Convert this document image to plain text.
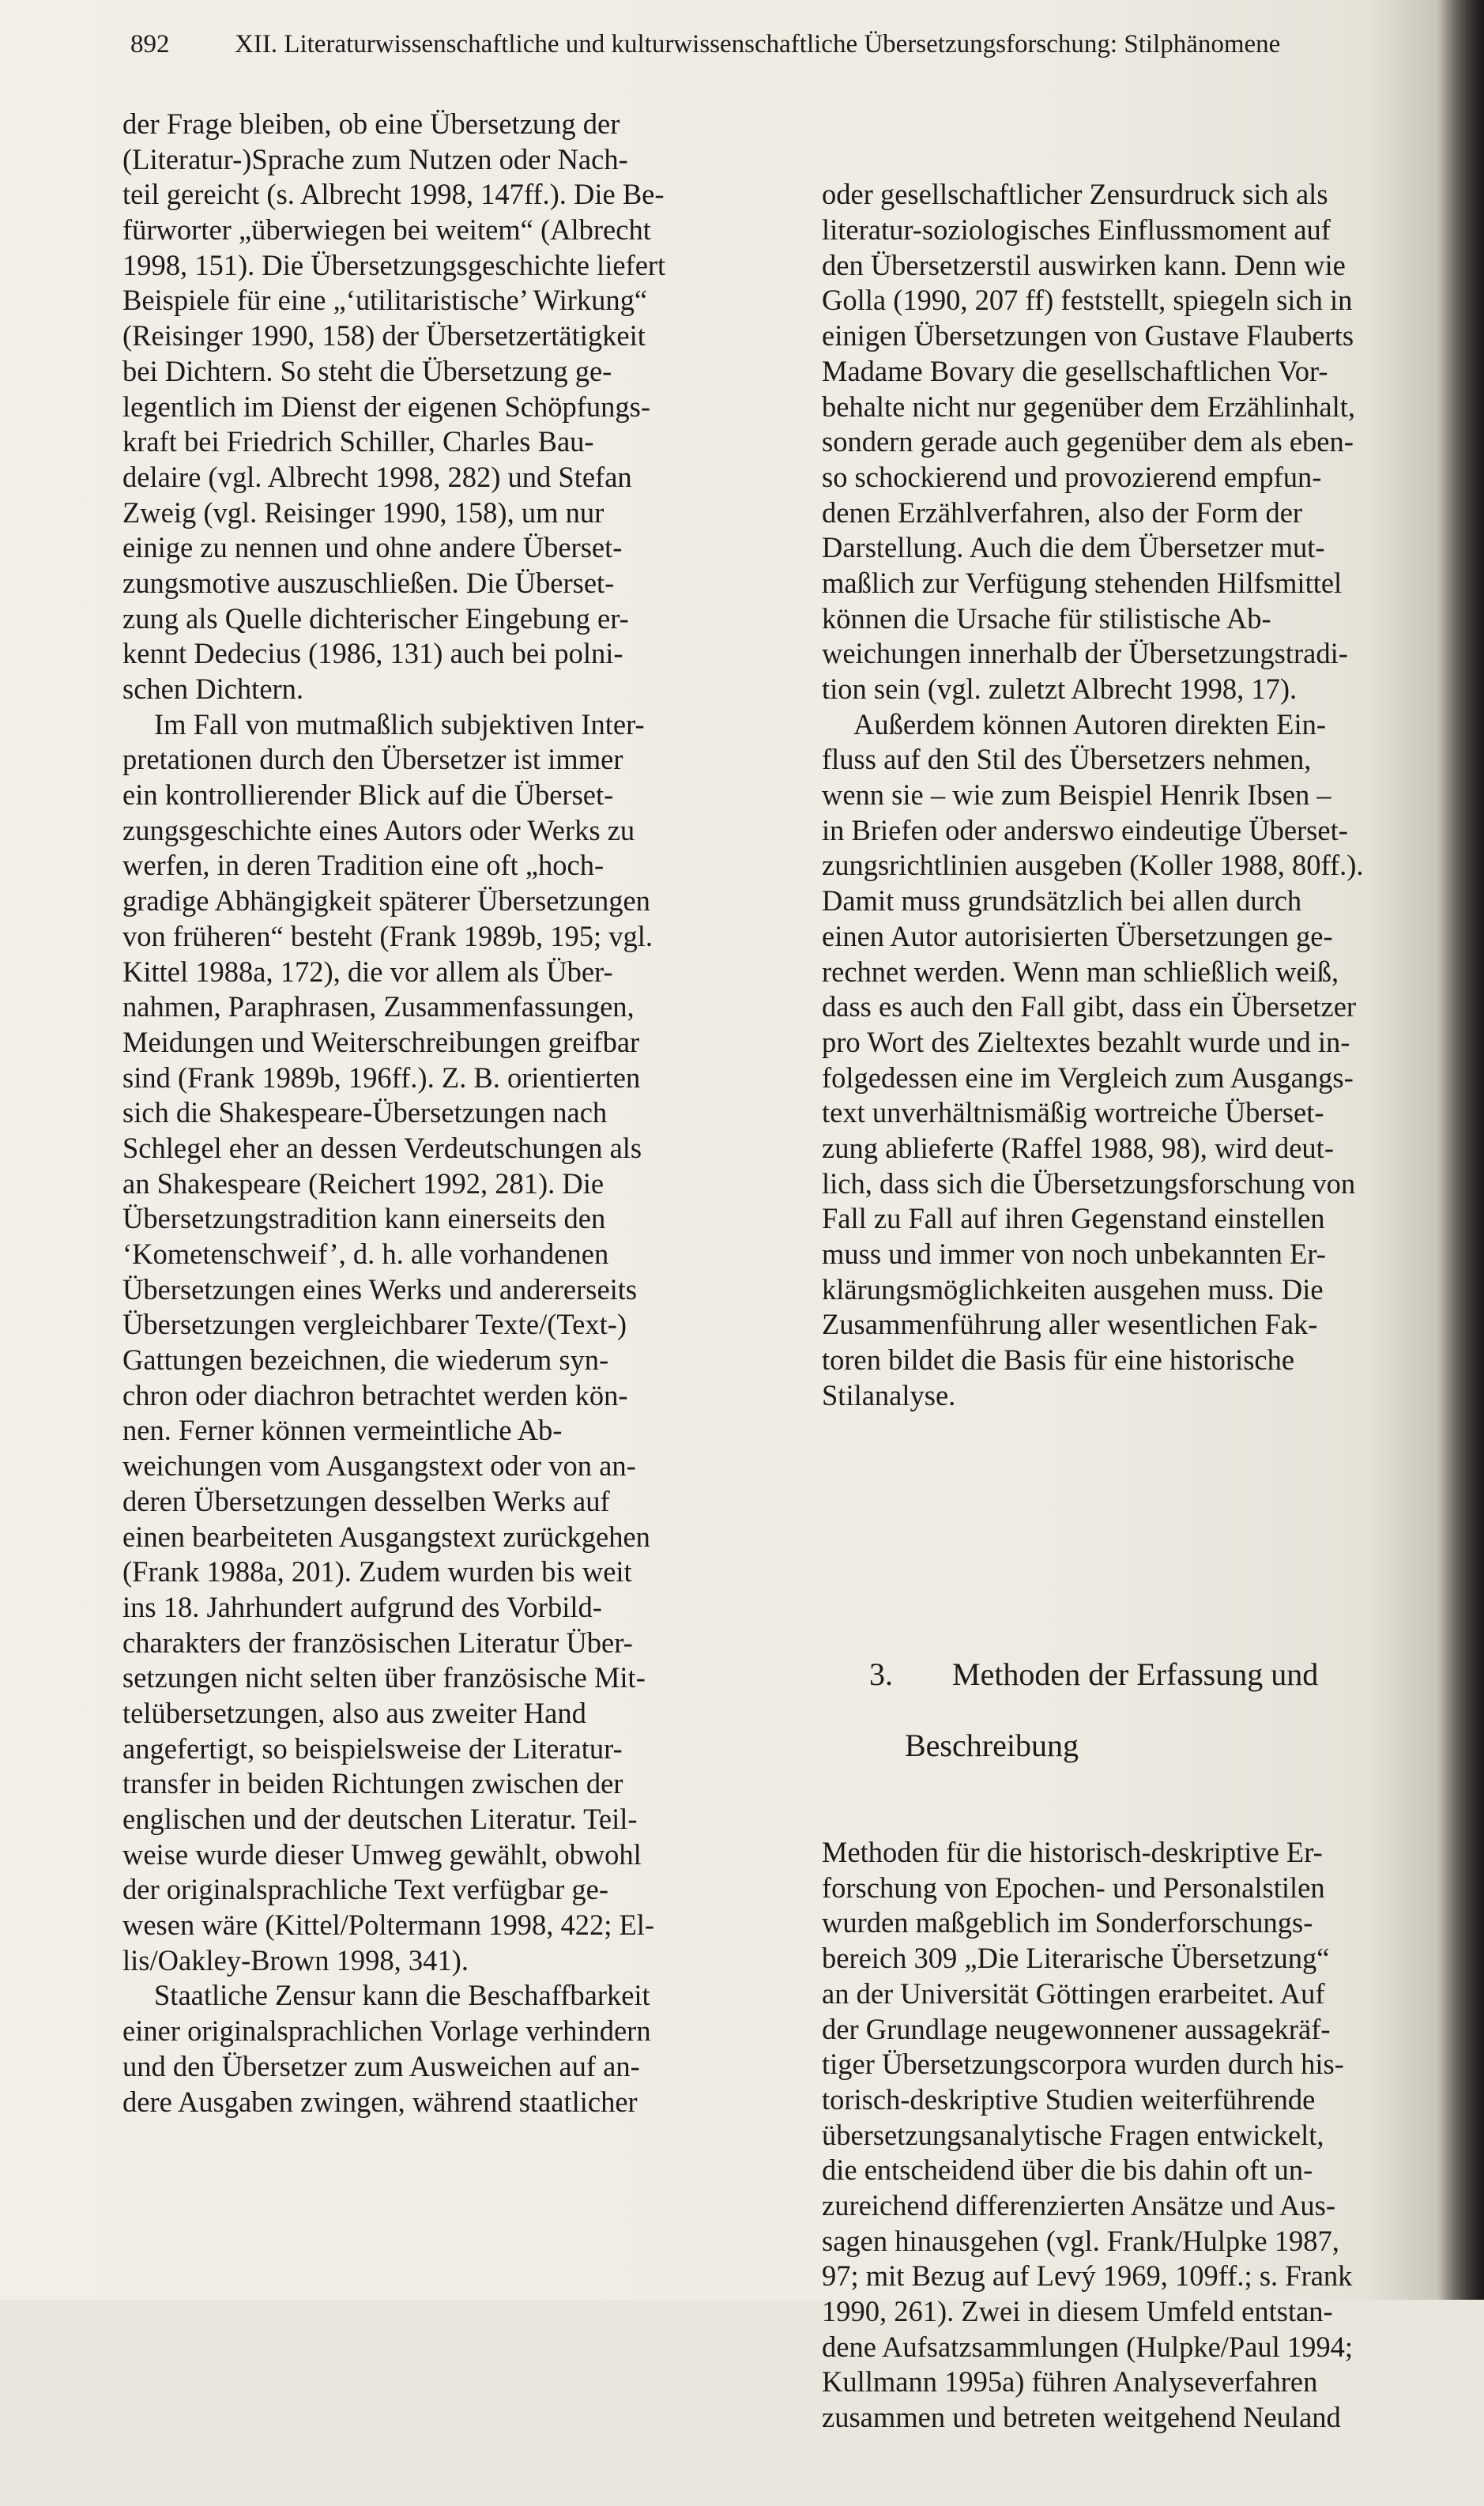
892	XII. Literaturwissenschaftliche und kulturwissenschaftliche Übersetzungsforschung: Stilphänomene
der Frage bleiben, ob eine Übersetzung der
(Literatur-)Sprache zum Nutzen oder Nach-
teil gereicht (s. Albrecht 1998, 147ff.). Die Be-
fürworter „überwiegen bei weitem“ (Albrecht
1998, 151). Die Übersetzungsgeschichte liefert
Beispiele für eine „‘utilitaristische’ Wirkung“
(Reisinger 1990, 158) der Übersetzertätigkeit
bei Dichtern. So steht die Übersetzung ge-
legentlich im Dienst der eigenen Schöpfungs-
kraft bei Friedrich Schiller, Charles Bau-
delaire (vgl. Albrecht 1998, 282) und Stefan
Zweig (vgl. Reisinger 1990, 158), um nur
einige zu nennen und ohne andere Überset-
zungsmotive auszuschließen. Die Überset-
zung als Quelle dichterischer Eingebung er-
kennt Dedecius (1986, 131) auch bei polni-
schen Dichtern.
Im Fall von mutmaßlich subjektiven Inter-
pretationen durch den Übersetzer ist immer
ein kontrollierender Blick auf die Überset-
zungsgeschichte eines Autors oder Werks zu
werfen, in deren Tradition eine oft „hoch-
gradige Abhängigkeit späterer Übersetzungen
von früheren“ besteht (Frank 1989b, 195; vgl.
Kittel 1988a, 172), die vor allem als Über-
nahmen, Paraphrasen, Zusammenfassungen,
Meidungen und Weiterschreibungen greifbar
sind (Frank 1989b, 196ff.). Z. B. orientierten
sich die Shakespeare-Übersetzungen nach
Schlegel eher an dessen Verdeutschungen als
an Shakespeare (Reichert 1992, 281). Die
Übersetzungstradition kann einerseits den
‘Kometenschweif’, d. h. alle vorhandenen
Übersetzungen eines Werks und andererseits
Übersetzungen vergleichbarer Texte/(Text-)
Gattungen bezeichnen, die wiederum syn-
chron oder diachron betrachtet werden kön-
nen. Ferner können vermeintliche Ab-
weichungen vom Ausgangstext oder von an-
deren Übersetzungen desselben Werks auf
einen bearbeiteten Ausgangstext zurückgehen
(Frank 1988a, 201). Zudem wurden bis weit
ins 18. Jahrhundert aufgrund des Vorbild-
charakters der französischen Literatur Über-
setzungen nicht selten über französische Mit-
telübersetzungen, also aus zweiter Hand
angefertigt, so beispielsweise der Literatur-
transfer in beiden Richtungen zwischen der
englischen und der deutschen Literatur. Teil-
weise wurde dieser Umweg gewählt, obwohl
der originalsprachliche Text verfügbar ge-
wesen wäre (Kittel/Poltermann 1998, 422; El-
lis/Oakley-Brown 1998, 341).
Staatliche Zensur kann die Beschaffbarkeit
einer originalsprachlichen Vorlage verhindern
und den Übersetzer zum Ausweichen auf an-
dere Ausgaben zwingen, während staatlicher

oder gesellschaftlicher Zensurdruck sich als
literatur-soziologisches Einflussmoment auf
den Übersetzerstil auswirken kann. Denn wie
Golla (1990, 207 ff) feststellt, spiegeln sich in
einigen Übersetzungen von Gustave Flauberts
Madame Bovary die gesellschaftlichen Vor-
behalte nicht nur gegenüber dem Erzählinhalt,
sondern gerade auch gegenüber dem als eben-
so schockierend und provozierend empfun-
denen Erzählverfahren, also der Form der
Darstellung. Auch die dem Übersetzer mut-
maßlich zur Verfügung stehenden Hilfsmittel
können die Ursache für stilistische Ab-
weichungen innerhalb der Übersetzungstradi-
tion sein (vgl. zuletzt Albrecht 1998, 17).
Außerdem können Autoren direkten Ein-
fluss auf den Stil des Übersetzers nehmen,
wenn sie – wie zum Beispiel Henrik Ibsen –
in Briefen oder anderswo eindeutige Überset-
zungsrichtlinien ausgeben (Koller 1988, 80ff.).
Damit muss grundsätzlich bei allen durch
einen Autor autorisierten Übersetzungen ge-
rechnet werden. Wenn man schließlich weiß,
dass es auch den Fall gibt, dass ein Übersetzer
pro Wort des Zieltextes bezahlt wurde und in-
folgedessen eine im Vergleich zum Ausgangs-
text unverhältnismäßig wortreiche Überset-
zung ablieferte (Raffel 1988, 98), wird deut-
lich, dass sich die Übersetzungsforschung von
Fall zu Fall auf ihren Gegenstand einstellen
muss und immer von noch unbekannten Er-
klärungsmöglichkeiten ausgehen muss. Die
Zusammenführung aller wesentlichen Fak-
toren bildet die Basis für eine historische
Stilanalyse.

3. Methoden der Erfassung und

Beschreibung

Methoden für die historisch-deskriptive Er-
forschung von Epochen- und Personalstilen
wurden maßgeblich im Sonderforschungs-
bereich 309 „Die Literarische Übersetzung“
an der Universität Göttingen erarbeitet. Auf
der Grundlage neugewonnener aussagekräf-
tiger Übersetzungscorpora wurden durch his-
torisch-deskriptive Studien weiterführende
übersetzungsanalytische Fragen entwickelt,
die entscheidend über die bis dahin oft un-
zureichend differenzierten Ansätze und Aus-
sagen hinausgehen (vgl. Frank/Hulpke 1987,
97; mit Bezug auf Levý 1969, 109ff.; s. Frank
1990, 261). Zwei in diesem Umfeld entstan-
dene Aufsatzsammlungen (Hulpke/Paul 1994;
Kullmann 1995a) führen Analyseverfahren
zusammen und betreten weitgehend Neuland
